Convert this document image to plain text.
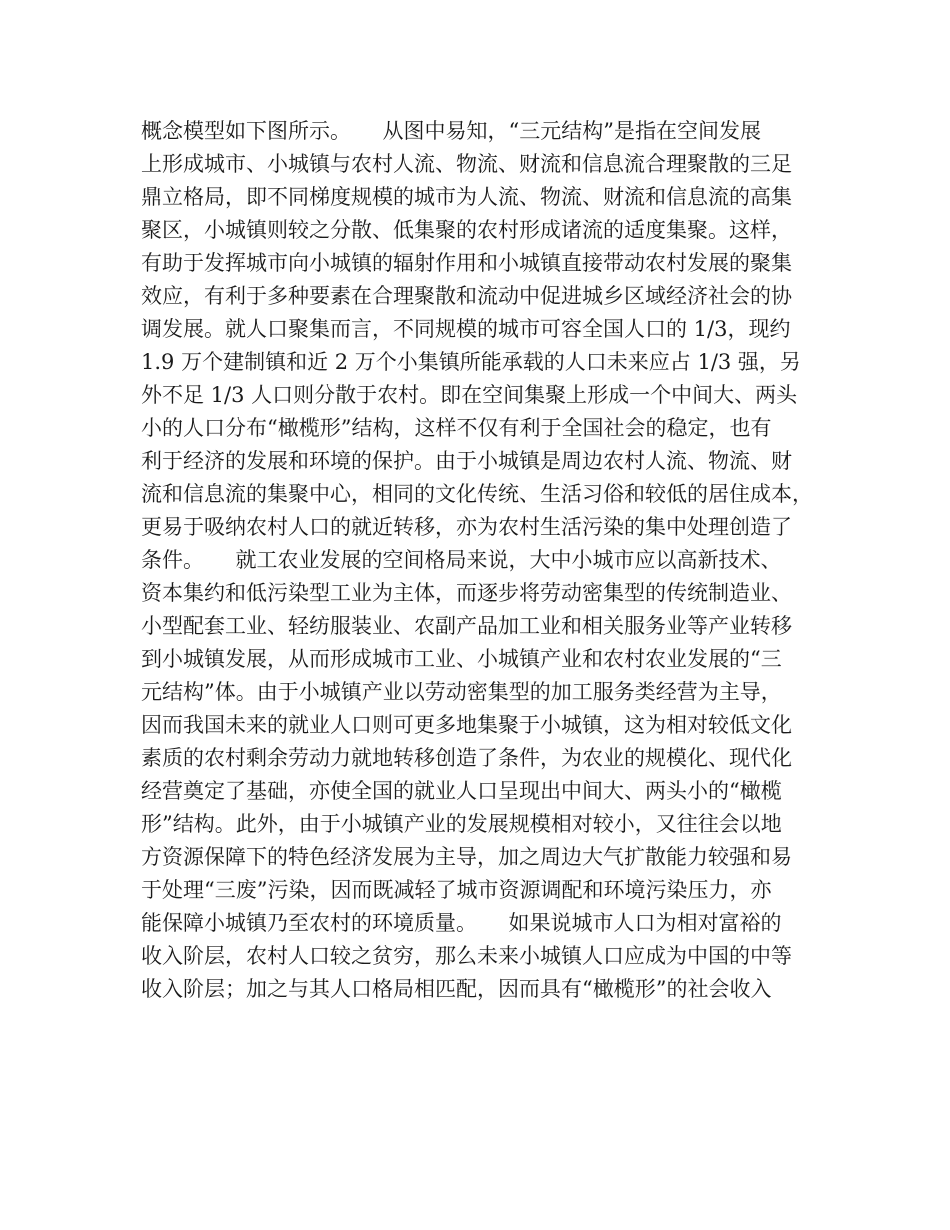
概念模型如下图所示。　　从图中易知，“三元结构”是指在空间发展
上形成城市、小城镇与农村人流、物流、财流和信息流合理聚散的三足
鼎立格局，即不同梯度规模的城市为人流、物流、财流和信息流的高集
聚区，小城镇则较之分散、低集聚的农村形成诸流的适度集聚。这样，
有助于发挥城市向小城镇的辐射作用和小城镇直接带动农村发展的聚集
效应，有利于多种要素在合理聚散和流动中促进城乡区域经济社会的协
调发展。就人口聚集而言，不同规模的城市可容全国人口的 1/3，现约
1.9 万个建制镇和近 2 万个小集镇所能承载的人口未来应占 1/3 强，另
外不足 1/3 人口则分散于农村。即在空间集聚上形成一个中间大、两头
小的人口分布“橄榄形”结构，这样不仅有利于全国社会的稳定，也有
利于经济的发展和环境的保护。由于小城镇是周边农村人流、物流、财
流和信息流的集聚中心，相同的文化传统、生活习俗和较低的居住成本，
更易于吸纳农村人口的就近转移，亦为农村生活污染的集中处理创造了
条件。　　就工农业发展的空间格局来说，大中小城市应以高新技术、
资本集约和低污染型工业为主体，而逐步将劳动密集型的传统制造业、
小型配套工业、轻纺服装业、农副产品加工业和相关服务业等产业转移
到小城镇发展，从而形成城市工业、小城镇产业和农村农业发展的“三
元结构”体。由于小城镇产业以劳动密集型的加工服务类经营为主导，
因而我国未来的就业人口则可更多地集聚于小城镇，这为相对较低文化
素质的农村剩余劳动力就地转移创造了条件，为农业的规模化、现代化
经营奠定了基础，亦使全国的就业人口呈现出中间大、两头小的“橄榄
形”结构。此外，由于小城镇产业的发展规模相对较小，又往往会以地
方资源保障下的特色经济发展为主导，加之周边大气扩散能力较强和易
于处理“三废”污染，因而既减轻了城市资源调配和环境污染压力，亦
能保障小城镇乃至农村的环境质量。　　如果说城市人口为相对富裕的
收入阶层，农村人口较之贫穷，那么未来小城镇人口应成为中国的中等
收入阶层；加之与其人口格局相匹配，因而具有“橄榄形”的社会收入
